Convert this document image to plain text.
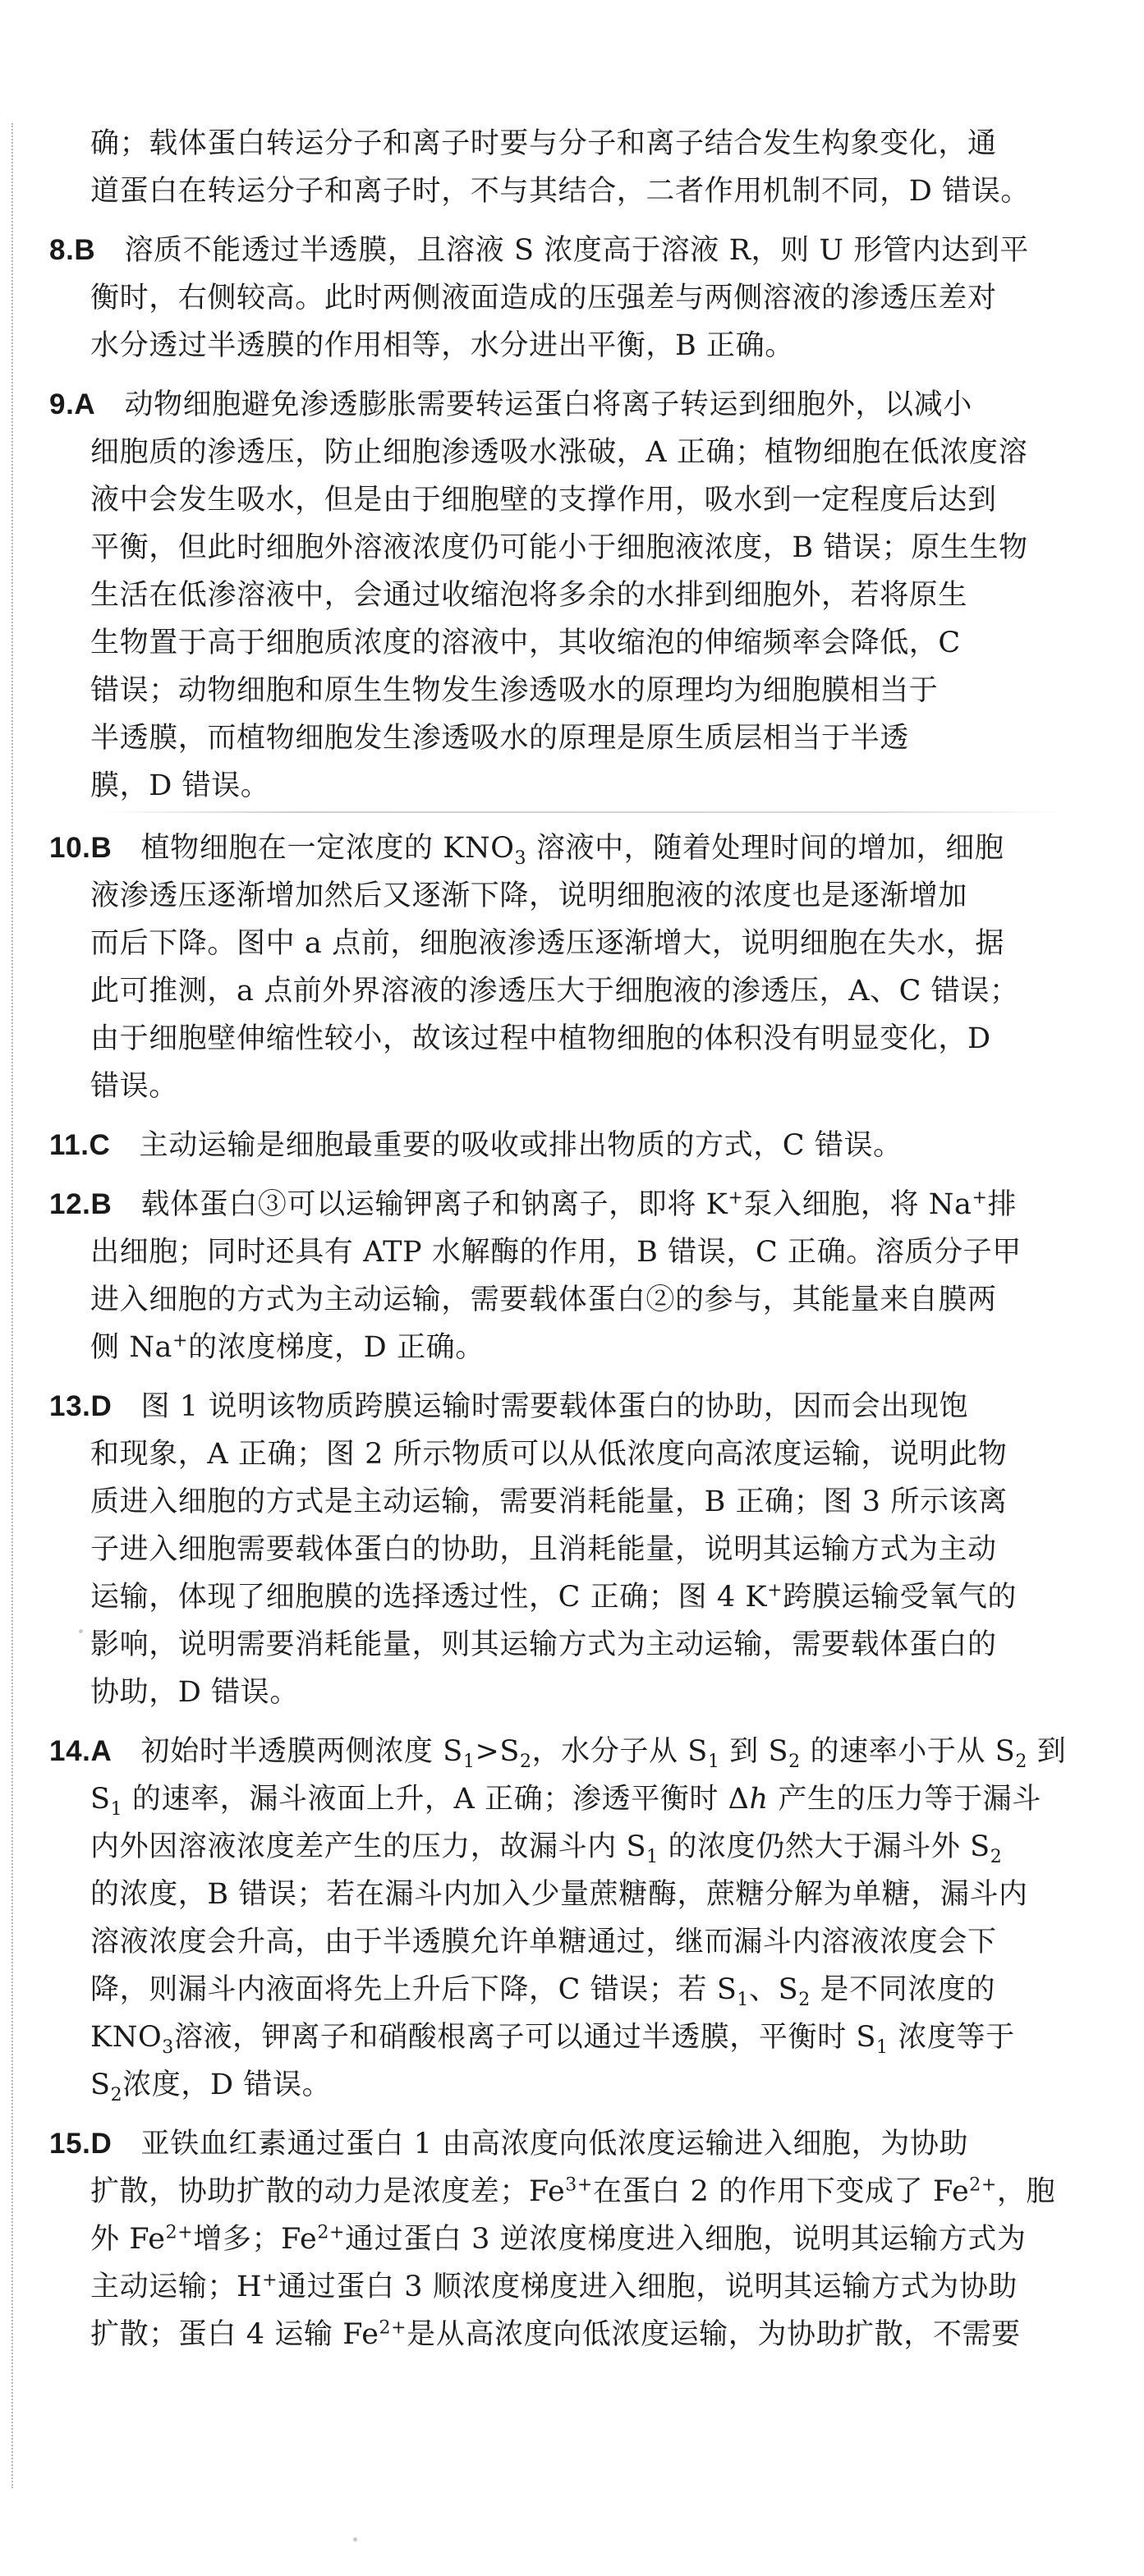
确；载体蛋白转运分子和离子时要与分子和离子结合发生构象变化，通
道蛋白在转运分子和离子时，不与其结合，二者作用机制不同，D 错误。
8.B 溶质不能透过半透膜，且溶液 S 浓度高于溶液 R，则 U 形管内达到平
衡时，右侧较高。此时两侧液面造成的压强差与两侧溶液的渗透压差对
水分透过半透膜的作用相等，水分进出平衡，B 正确。
9.A 动物细胞避免渗透膨胀需要转运蛋白将离子转运到细胞外，以减小
细胞质的渗透压，防止细胞渗透吸水涨破，A 正确；植物细胞在低浓度溶
液中会发生吸水，但是由于细胞壁的支撑作用，吸水到一定程度后达到
平衡，但此时细胞外溶液浓度仍可能小于细胞液浓度，B 错误；原生生物
生活在低渗溶液中，会通过收缩泡将多余的水排到细胞外，若将原生
生物置于高于细胞质浓度的溶液中，其收缩泡的伸缩频率会降低，C
错误；动物细胞和原生生物发生渗透吸水的原理均为细胞膜相当于
半透膜，而植物细胞发生渗透吸水的原理是原生质层相当于半透
膜，D 错误。
10.B 植物细胞在一定浓度的 $KNO_3$ 溶液中，随着处理时间的增加，细胞
液渗透压逐渐增加然后又逐渐下降，说明细胞液的浓度也是逐渐增加
而后下降。图中 a 点前，细胞液渗透压逐渐增大，说明细胞在失水，据
此可推测，a 点前外界溶液的渗透压大于细胞液的渗透压，A、C 错误；
由于细胞壁伸缩性较小，故该过程中植物细胞的体积没有明显变化，D
错误。
11.C 主动运输是细胞最重要的吸收或排出物质的方式，C 错误。
12.B 载体蛋白③可以运输钾离子和钠离子，即将 K+泵入细胞，将 Na+排
出细胞；同时还具有 ATP 水解酶的作用，B 错误，C 正确。溶质分子甲
进入细胞的方式为主动运输，需要载体蛋白②的参与，其能量来自膜两
侧 Na+的浓度梯度，D 正确。
13.D 图 1 说明该物质跨膜运输时需要载体蛋白的协助，因而会出现饱
和现象，A 正确；图 2 所示物质可以从低浓度向高浓度运输，说明此物
质进入细胞的方式是主动运输，需要消耗能量，B 正确；图 3 所示该离
子进入细胞需要载体蛋白的协助，且消耗能量，说明其运输方式为主动
运输，体现了细胞膜的选择透过性，C 正确；图 4 K+跨膜运输受氧气的
影响，说明需要消耗能量，则其运输方式为主动运输，需要载体蛋白的
协助，D 错误。
14.A 初始时半透膜两侧浓度 $S_1>S_2$，水分子从 $S_1$ 到 $S_2$ 的速率小于从 $S_2$ 到
$S_1$ 的速率，漏斗液面上升，A 正确；渗透平衡时 Δh 产生的压力等于漏斗
内外因溶液浓度差产生的压力，故漏斗内 $S_1$ 的浓度仍然大于漏斗外 $S_2$
的浓度，B 错误；若在漏斗内加入少量蔗糖酶，蔗糖分解为单糖，漏斗内
溶液浓度会升高，由于半透膜允许单糖通过，继而漏斗内溶液浓度会下
降，则漏斗内液面将先上升后下降，C 错误；若 $S_1$、$S_2$ 是不同浓度的
$KNO_3$溶液，钾离子和硝酸根离子可以通过半透膜，平衡时 $S_1$ 浓度等于
$S_2$浓度，D 错误。
15.D 亚铁血红素通过蛋白 1 由高浓度向低浓度运输进入细胞，为协助
扩散，协助扩散的动力是浓度差；$Fe^{3+}$在蛋白 2 的作用下变成了 $Fe^{2+}$，胞
外 $Fe^{2+}$增多；$Fe^{2+}$通过蛋白 3 逆浓度梯度进入细胞，说明其运输方式为
主动运输；H+通过蛋白 3 顺浓度梯度进入细胞，说明其运输方式为协助
扩散；蛋白 4 运输 $Fe^{2+}$是从高浓度向低浓度运输，为协助扩散，不需要
